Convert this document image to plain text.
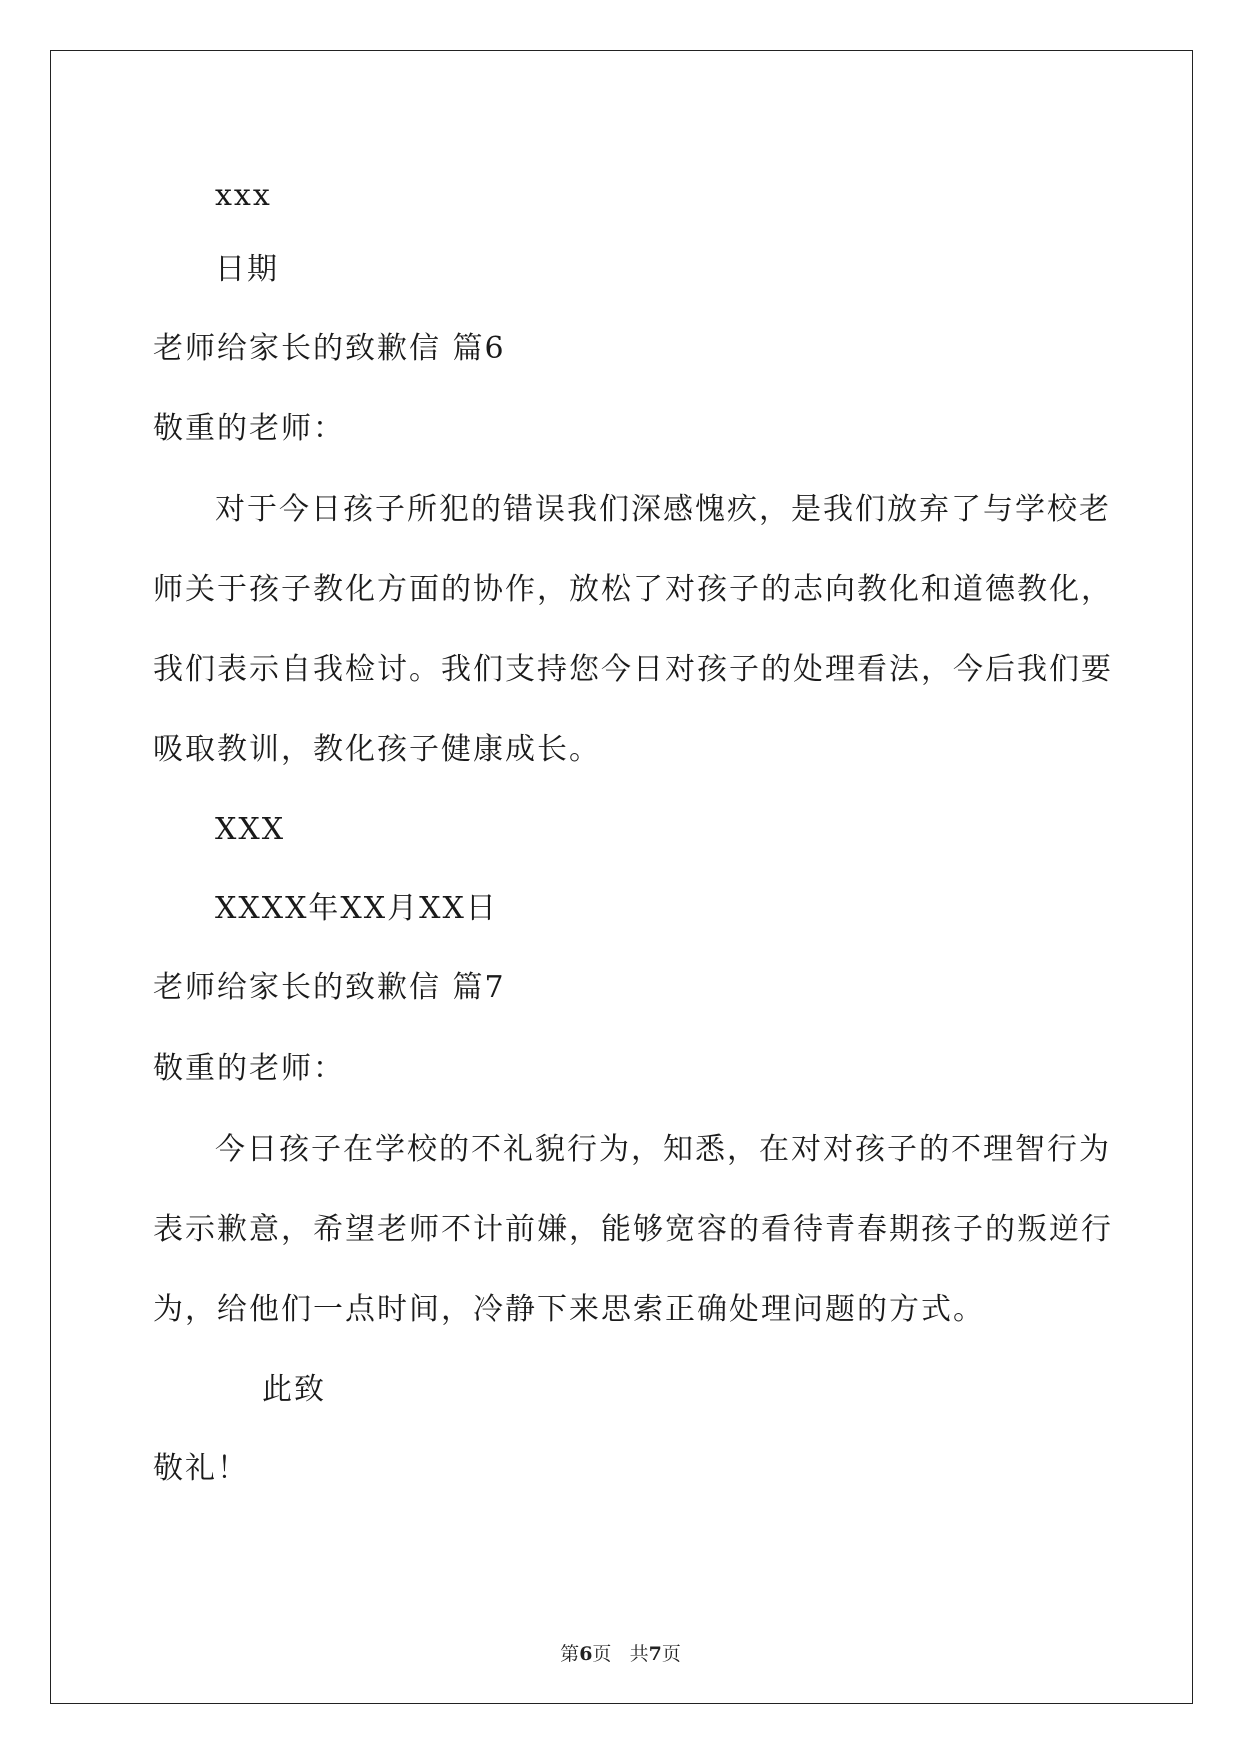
xxx
日期
老师给家长的致歉信 篇6
敬重的老师：
对于今日孩子所犯的错误我们深感愧疚，是我们放弃了与学校老
师关于孩子教化方面的协作，放松了对孩子的志向教化和道德教化，
我们表示自我检讨。我们支持您今日对孩子的处理看法，今后我们要
吸取教训，教化孩子健康成长。
XXX
XXXX年XX月XX日
老师给家长的致歉信 篇7
敬重的老师：
今日孩子在学校的不礼貌行为，知悉，在对对孩子的不理智行为
表示歉意，希望老师不计前嫌，能够宽容的看待青春期孩子的叛逆行
为，给他们一点时间，冷静下来思索正确处理问题的方式。
此致
敬礼！
第6页 共7页
